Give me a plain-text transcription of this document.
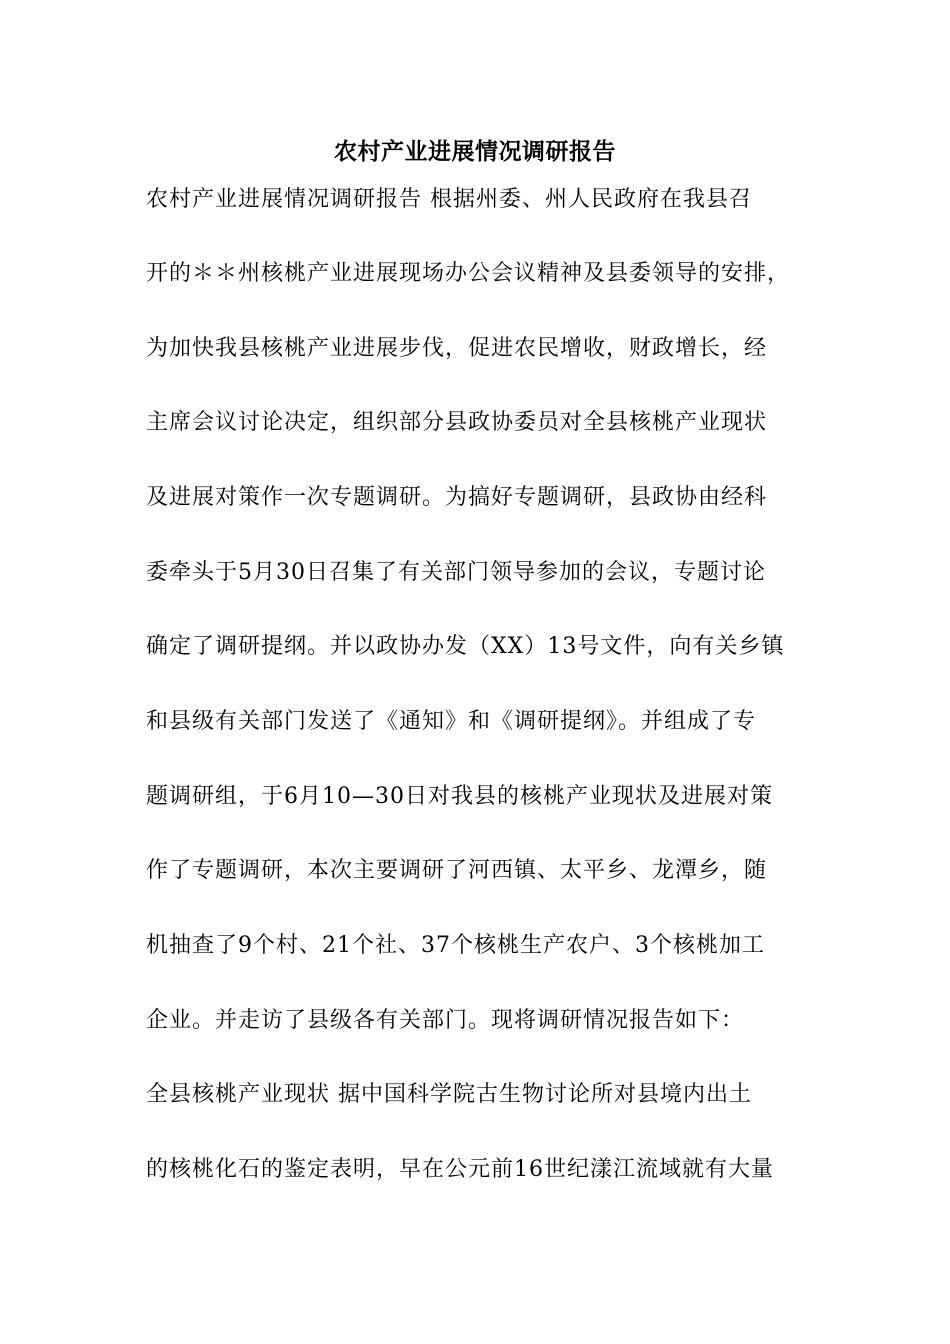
农村产业进展情况调研报告
农村产业进展情况调研报告 根据州委、州人民政府在我县召
开的＊＊州核桃产业进展现场办公会议精神及县委领导的安排，
为加快我县核桃产业进展步伐，促进农民增收，财政增长，经
主席会议讨论决定，组织部分县政协委员对全县核桃产业现状
及进展对策作一次专题调研。为搞好专题调研，县政协由经科
委牵头于5月30日召集了有关部门领导参加的会议，专题讨论
确定了调研提纲。并以政协办发（XX）13号文件，向有关乡镇
和县级有关部门发送了《通知》和《调研提纲》。并组成了专
题调研组，于6月10—30日对我县的核桃产业现状及进展对策
作了专题调研，本次主要调研了河西镇、太平乡、龙潭乡，随
机抽查了9个村、21个社、37个核桃生产农户、3个核桃加工
企业。并走访了县级各有关部门。现将调研情况报告如下：
全县核桃产业现状 据中国科学院古生物讨论所对县境内出土
的核桃化石的鉴定表明，早在公元前16世纪漾江流域就有大量
